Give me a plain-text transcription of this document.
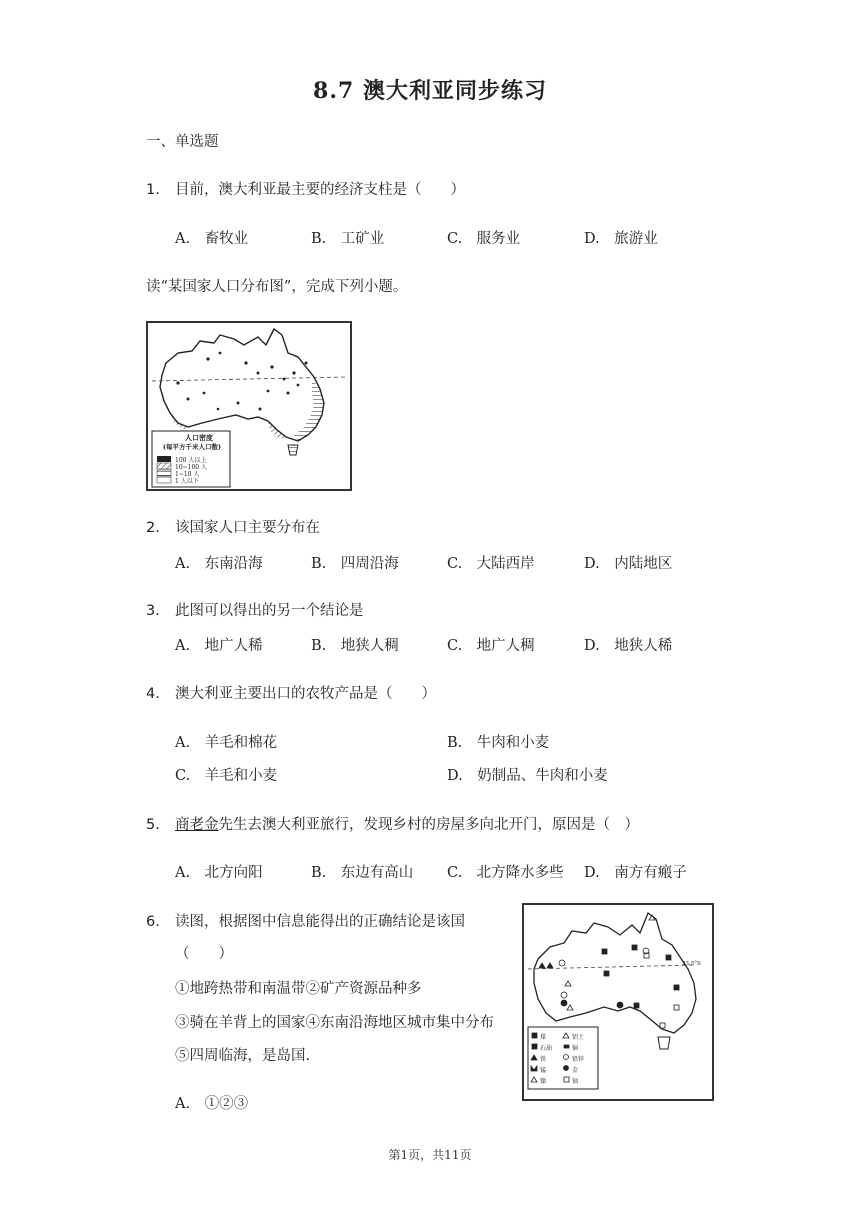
8.7 澳大利亚同步练习
一、单选题
1. 目前，澳大利亚最主要的经济支柱是（　　）
A.　畜牧业	B.　工矿业	C.　服务业	D.　旅游业
读“某国家人口分布图”，完成下列小题。
人口密度
(每平方千米人口数)
100 人以上
10~100 人
1~10 人
1 人以下
2. 该国家人口主要分布在
A.　东南沿海	B.　四周沿海	C.　大陆西岸	D.　内陆地区
3. 此图可以得出的另一个结论是
A.　地广人稀	B.　地狭人稠	C.　地广人稠	D.　地狭人稀
4. 澳大利亚主要出口的农牧产品是（　　）
A.　羊毛和棉花	B.　牛肉和小麦
C.　羊毛和小麦	D.　奶制品、牛肉和小麦
5. 商老金先生去澳大利亚旅行，发现乡村的房屋多向北开门，原因是（　）
A.　北方向阳	B.　东边有高山 C.　北方降水多些 D.　南方有瘢子
6. 读图，根据图中信息能得出的正确结论是该国
（　　）
①地跨热带和南温带②矿产资源品种多
③骑在羊背上的国家④东南沿海地区城市集中分布
⑤四周临海，是岛国.
A.　①②③
23.5°S
煤	铝土
石油	铜
铁	铅锌
锰	金
镍	铀
第1页，共11页
